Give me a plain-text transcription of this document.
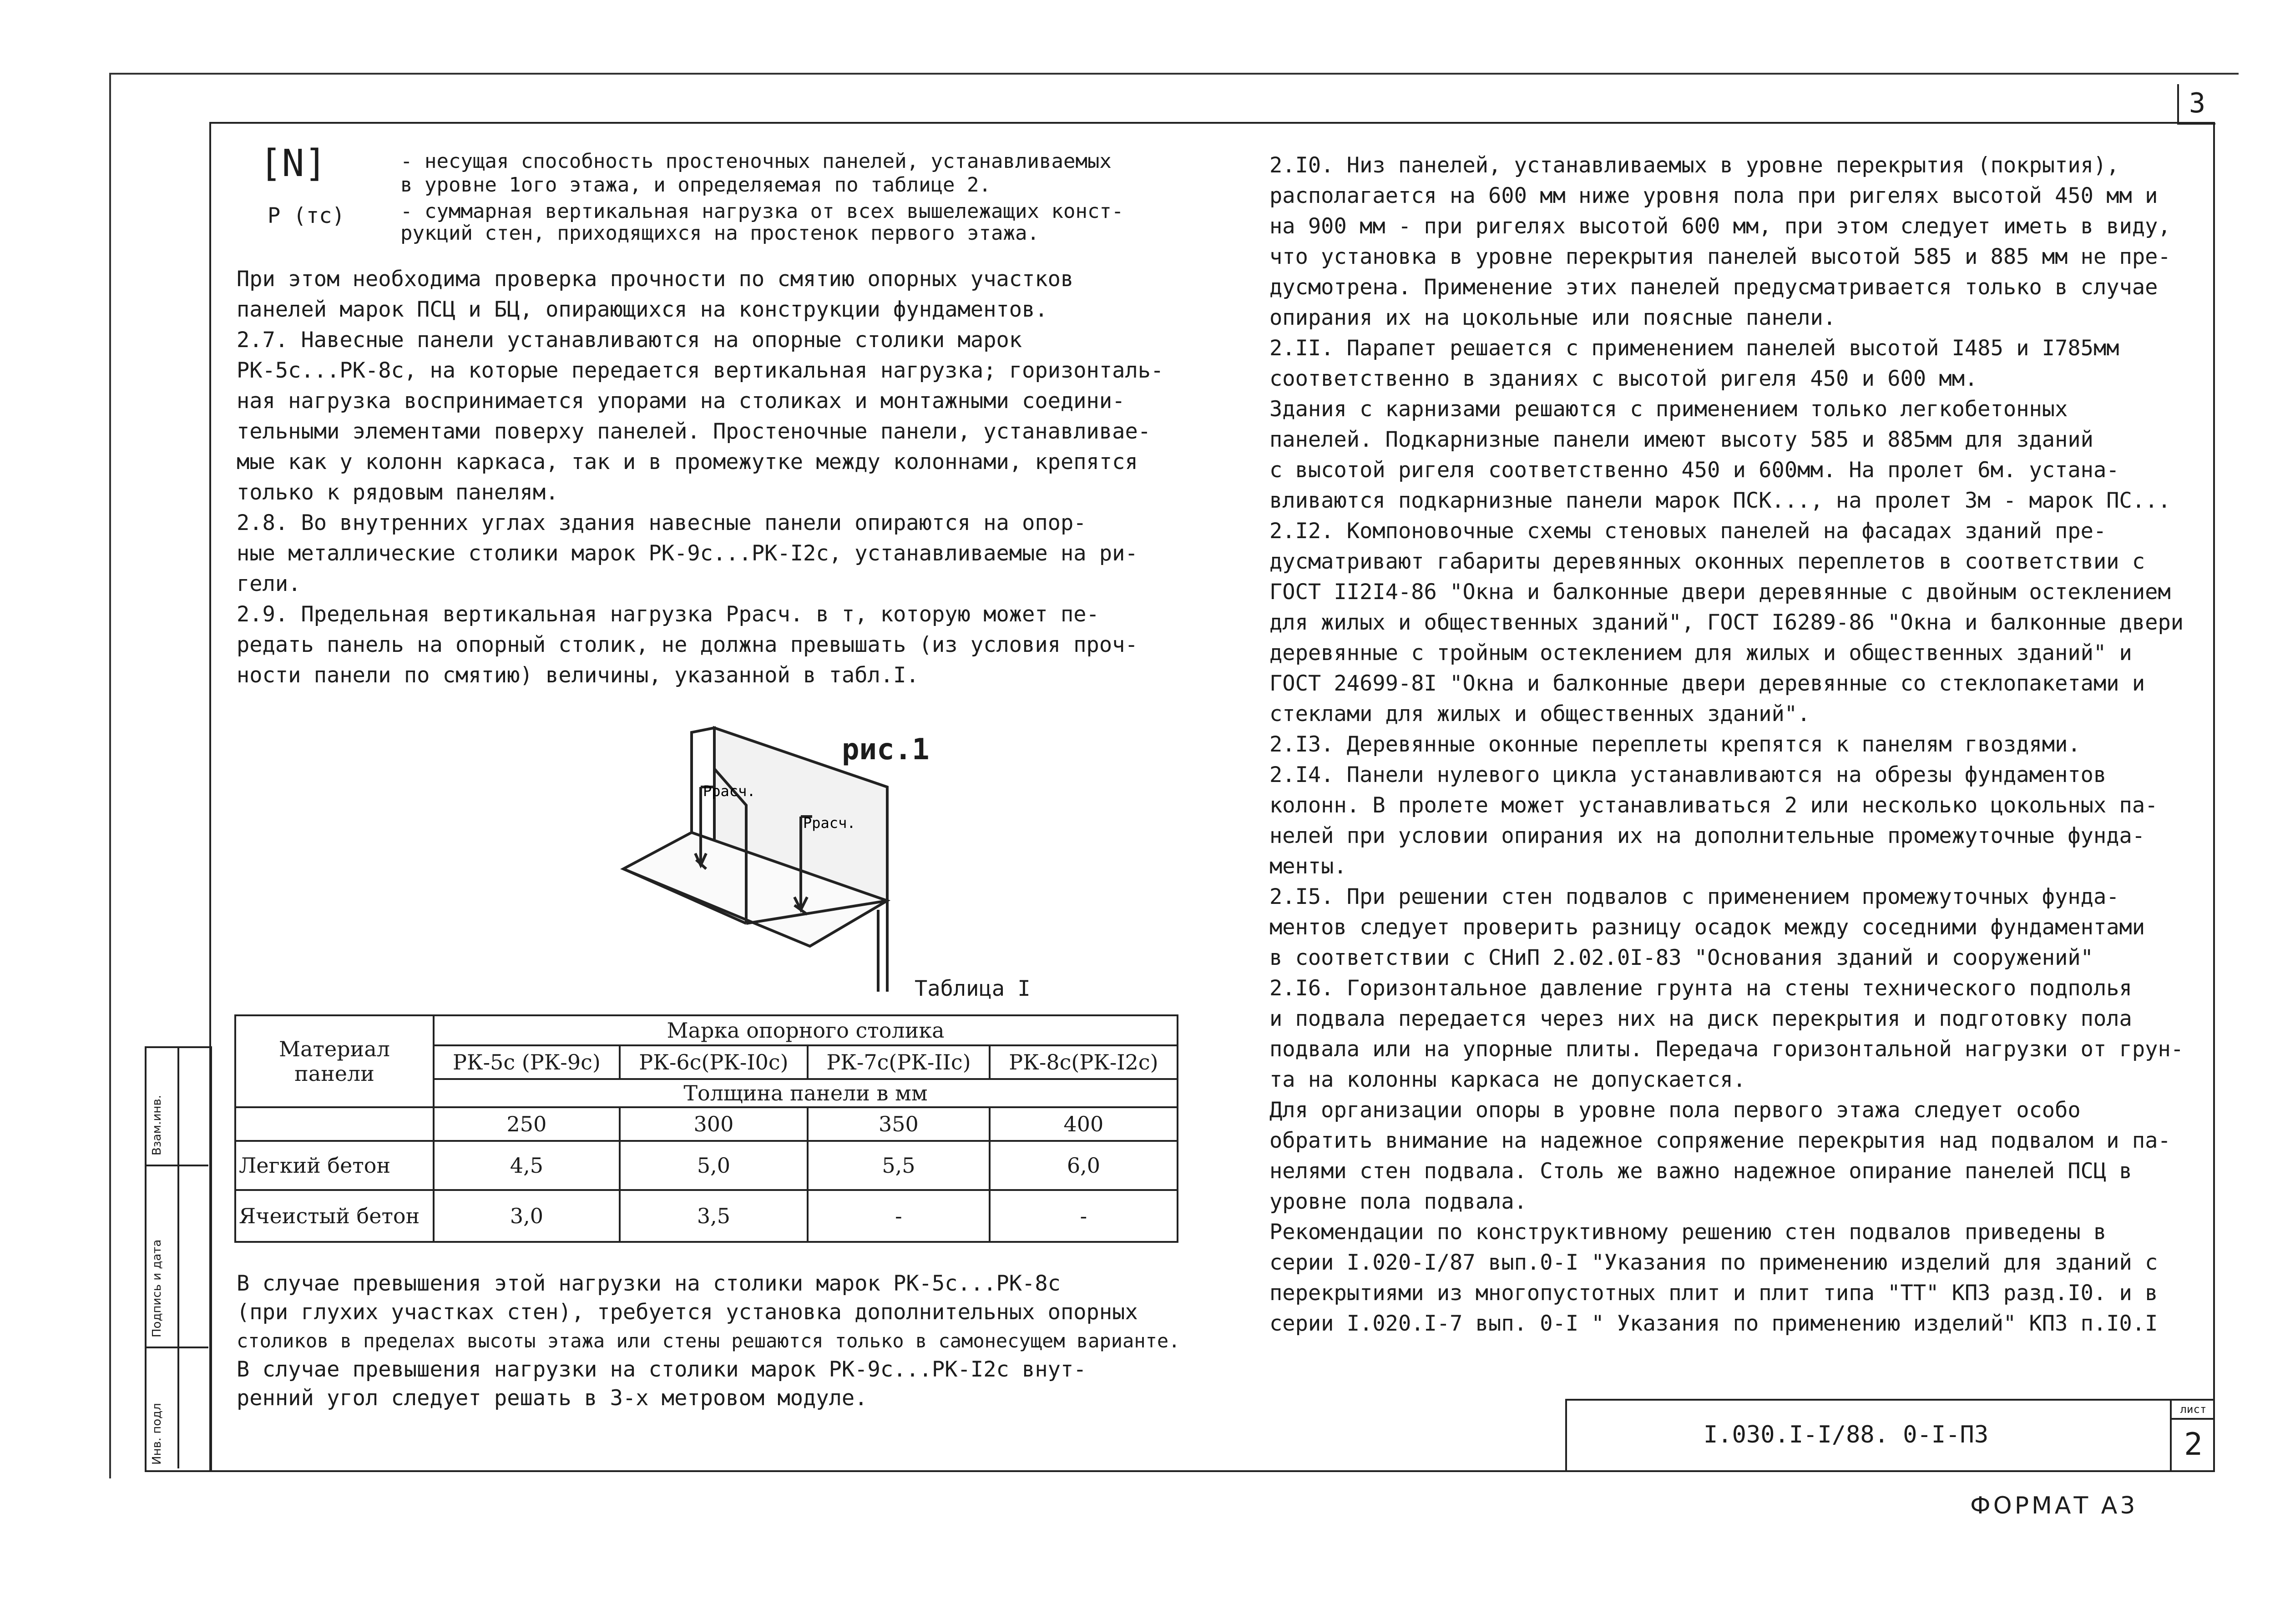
3
Инв. подл
Подпись и дата
Взам.инв.
[N]	- несущая способность простеночных панелей, устанавливаемых
в уровне 1ого этажа, и определяемая по таблице 2.
P (тс)	- суммарная вертикальная нагрузка от всех вышележащих конст-
рукций стен, приходящихся на простенок первого этажа.
При этом необходима проверка прочности по смятию опорных участков
панелей марок ПСЦ и БЦ, опирающихся на конструкции фундаментов.
2.7. Навесные панели устанавливаются на опорные столики марок
РК-5с...РК-8с, на которые передается вертикальная нагрузка; горизонталь-
ная нагрузка воспринимается упорами на столиках и монтажными соедини-
тельными элементами поверху панелей. Простеночные панели, устанавливае-
мые как у колонн каркаса, так и в промежутке между колоннами, крепятся
только к рядовым панелям.
2.8. Во внутренних углах здания навесные панели опираются на опор-
ные металлические столики марок РК-9с...РК-I2с, устанавливаемые на ри-
гели.
2.9. Предельная вертикальная нагрузка Pрасч. в т, которую может пе-
редать панель на опорный столик, не должна превышать (из условия проч-
ности панели по смятию) величины, указанной в табл.I.
Pрасч.
Pрасч.
рис.1
Таблица I
Материал панели	Марка опорного столика			
	РК-5с (РК-9с)	РК-6с(РК-I0с)	РК-7с(РК-IIс)	РК-8с(РК-I2с)
	Толщина панели в мм			
	250	300	350	400
Легкий бетон	4,5	5,0	5,5	6,0
Ячеистый бетон	3,0	3,5	-	-
В случае превышения этой нагрузки на столики марок РК-5с...РК-8с
(при глухих участках стен), требуется установка дополнительных опорных
столиков в пределах высоты этажа или стены решаются только в самонесущем варианте.
В случае превышения нагрузки на столики марок РК-9с...РК-I2с внут-
ренний угол следует решать в 3-х метровом модуле.
2.I0. Низ панелей, устанавливаемых в уровне перекрытия (покрытия),
располагается на 600 мм ниже уровня пола при ригелях высотой 450 мм и
на 900 мм - при ригелях высотой 600 мм, при этом следует иметь в виду,
что установка в уровне перекрытия панелей высотой 585 и 885 мм не пре-
дусмотрена. Применение этих панелей предусматривается только в случае
опирания их на цокольные или поясные панели.
2.II. Парапет решается с применением панелей высотой I485 и I785мм
соответственно в зданиях с высотой ригеля 450 и 600 мм.
Здания с карнизами решаются с применением только легкобетонных
панелей. Подкарнизные панели имеют высоту 585 и 885мм для зданий
с высотой ригеля соответственно 450 и 600мм. На пролет 6м. устана-
вливаются подкарнизные панели марок ПСК..., на пролет 3м - марок ПС...
2.I2. Компоновочные схемы стеновых панелей на фасадах зданий пре-
дусматривают габариты деревянных оконных переплетов в соответствии с
ГОСТ II2I4-86 "Окна и балконные двери деревянные с двойным остеклением
для жилых и общественных зданий", ГОСТ I6289-86 "Окна и балконные двери
деревянные с тройным остеклением для жилых и общественных зданий" и
ГОСТ 24699-8I "Окна и балконные двери деревянные со стеклопакетами и
стеклами для жилых и общественных зданий".
2.I3. Деревянные оконные переплеты крепятся к панелям гвоздями.
2.I4. Панели нулевого цикла устанавливаются на обрезы фундаментов
колонн. В пролете может устанавливаться 2 или несколько цокольных па-
нелей при условии опирания их на дополнительные промежуточные фунда-
менты.
2.I5. При решении стен подвалов с применением промежуточных фунда-
ментов следует проверить разницу осадок между соседними фундаментами
в соответствии с СНиП 2.02.0I-83 "Основания зданий и сооружений"
2.I6. Горизонтальное давление грунта на стены технического подполья
и подвала передается через них на диск перекрытия и подготовку пола
подвала или на упорные плиты. Передача горизонтальной нагрузки от грун-
та на колонны каркаса не допускается.
Для организации опоры в уровне пола первого этажа следует особо
обратить внимание на надежное сопряжение перекрытия над подвалом и па-
нелями стен подвала. Столь же важно надежное опирание панелей ПСЦ в
уровне пола подвала.
Рекомендации по конструктивному решению стен подвалов приведены в
серии I.020-I/87 вып.0-I "Указания по применению изделий для зданий с
перекрытиями из многопустотных плит и плит типа "ТТ" КПЗ разд.I0. и в
серии I.020.I-7 вып. 0-I " Указания по применению изделий" КПЗ п.I0.I
I.030.I-I/88. 0-I-ПЗ
лист
2
ФОРМАТ А3
